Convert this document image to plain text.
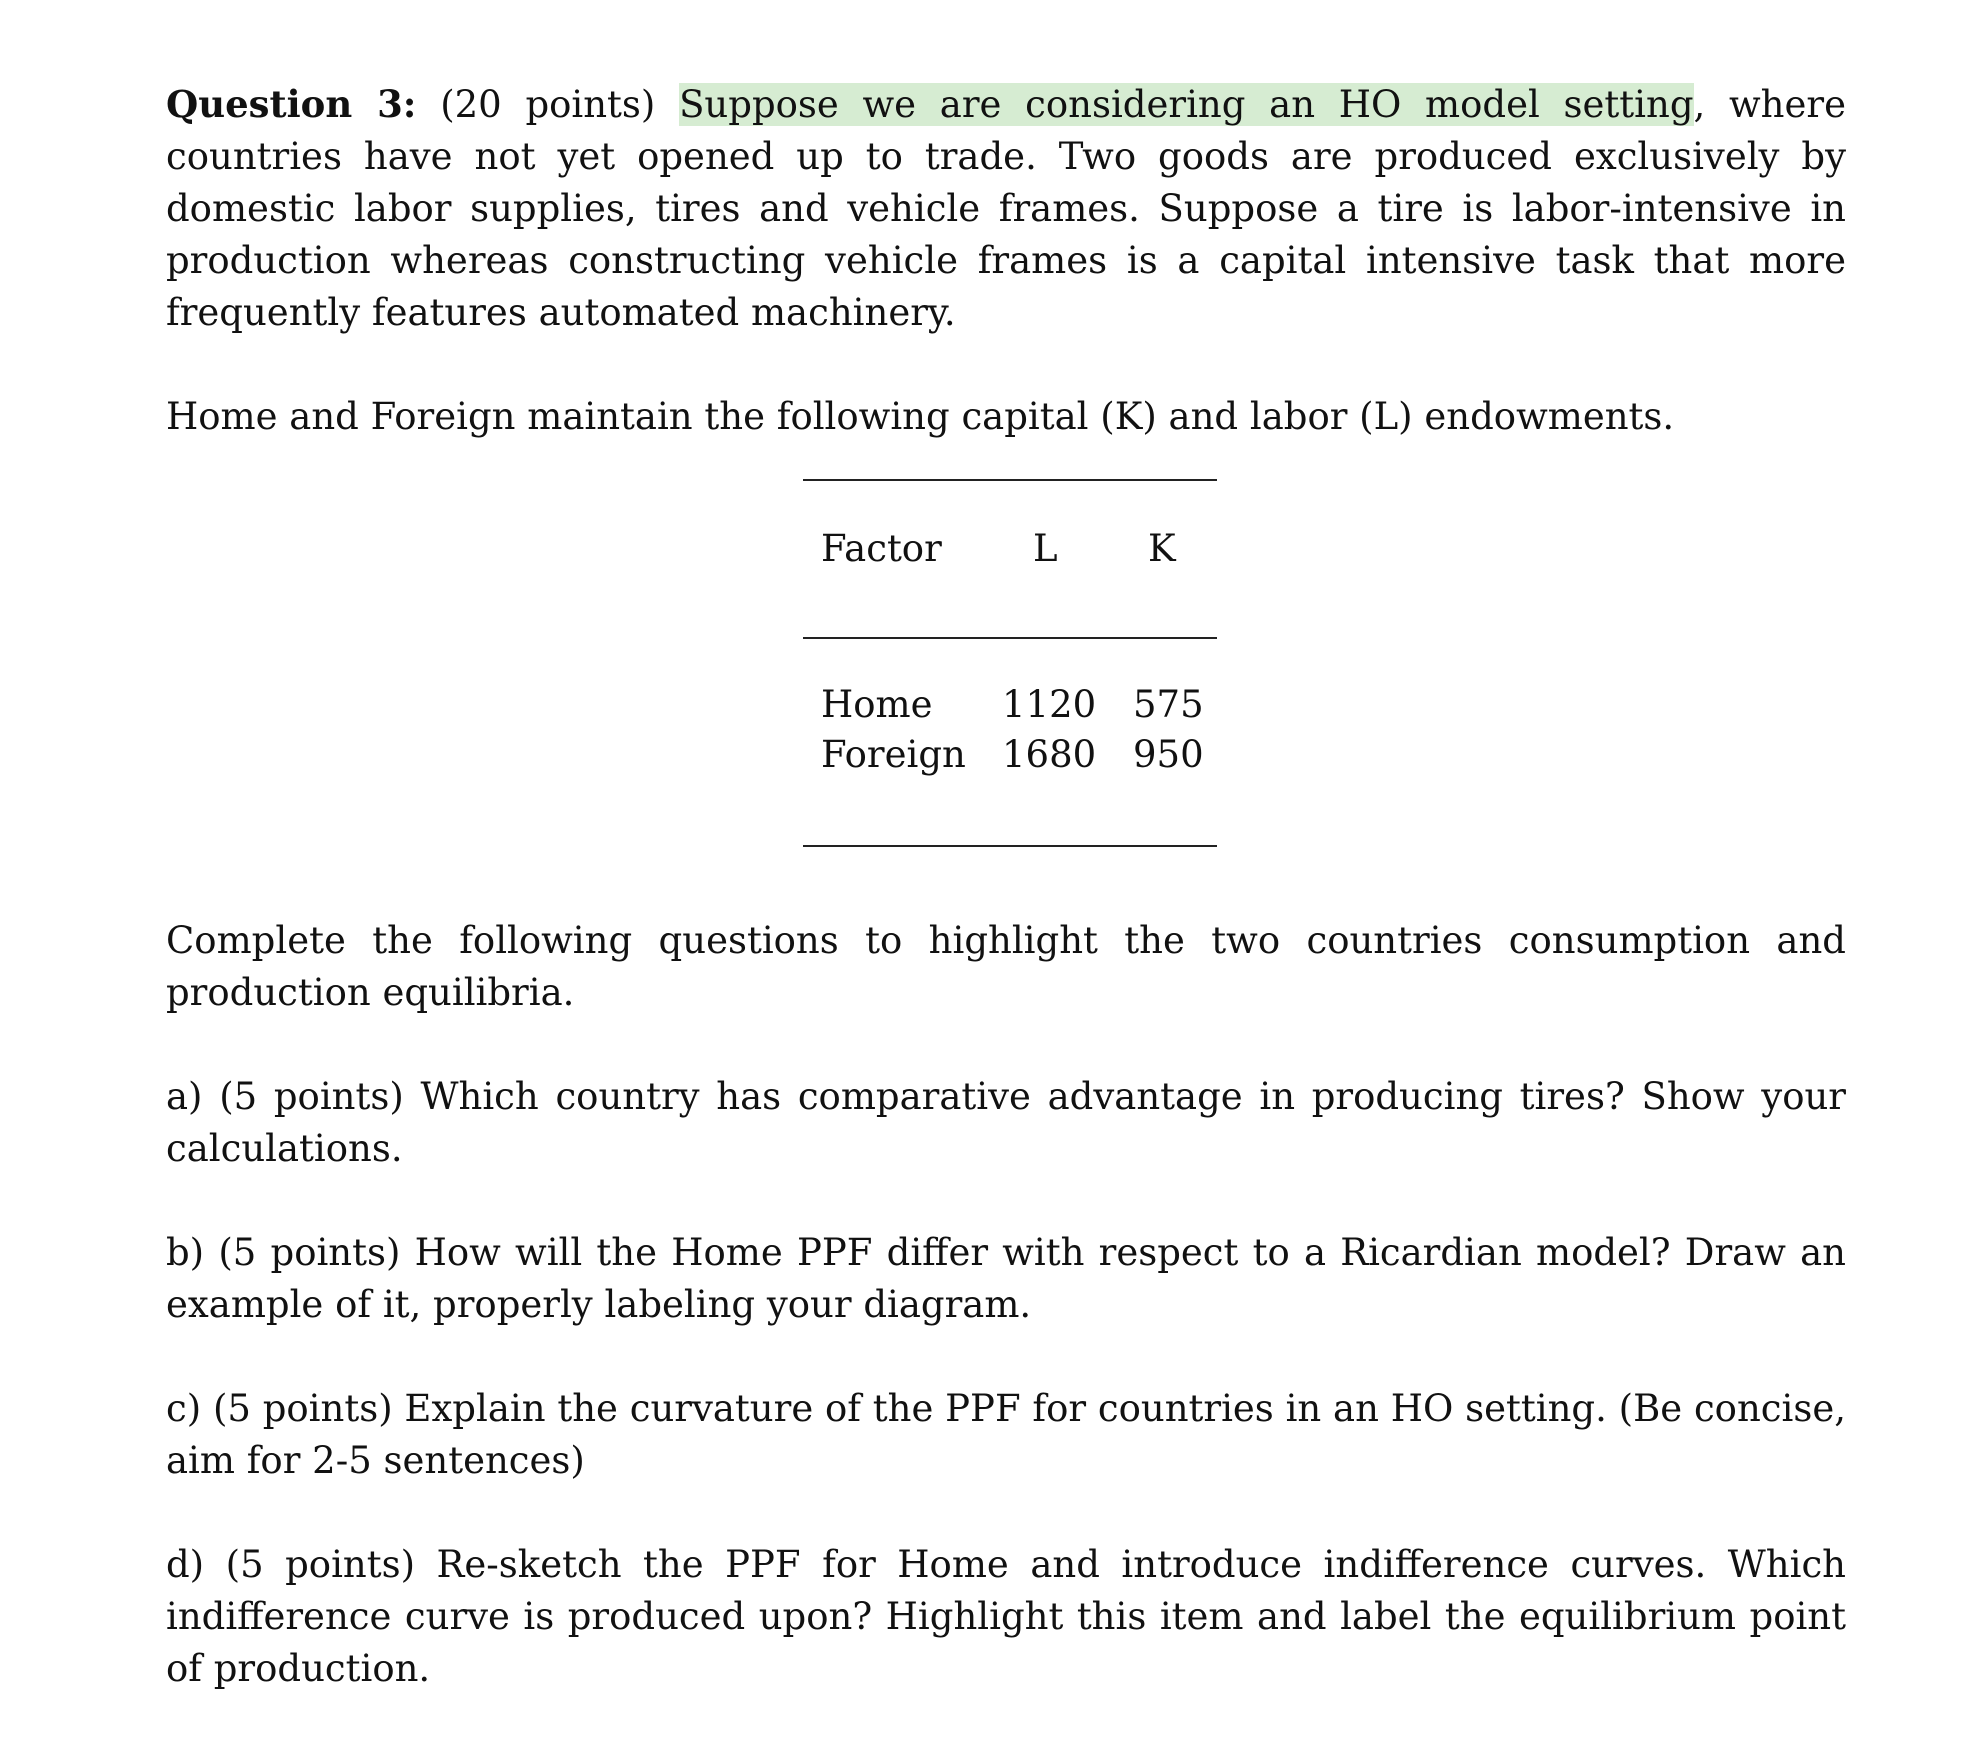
Question 3: (20 points) Suppose we are considering an HO model setting, where countries have not yet opened up to trade. Two goods are produced exclusively by domestic labor supplies, tires and vehicle frames. Suppose a tire is labor-intensive in production whereas constructing vehicle frames is a capital intensive task that more frequently features automated machinery.

Home and Foreign maintain the following capital (K) and labor (L) endowments.

Factor L K
Home 1120 575
Foreign 1680 950

Complete the following questions to highlight the two countries consumption and production equilibria.

a) (5 points) Which country has comparative advantage in producing tires? Show your calculations.

b) (5 points) How will the Home PPF differ with respect to a Ricardian model? Draw an example of it, properly labeling your diagram.

c) (5 points) Explain the curvature of the PPF for countries in an HO setting. (Be concise, aim for 2-5 sentences)

d) (5 points) Re-sketch the PPF for Home and introduce indifference curves. Which indifference curve is produced upon? Highlight this item and label the equilibrium point of production.
